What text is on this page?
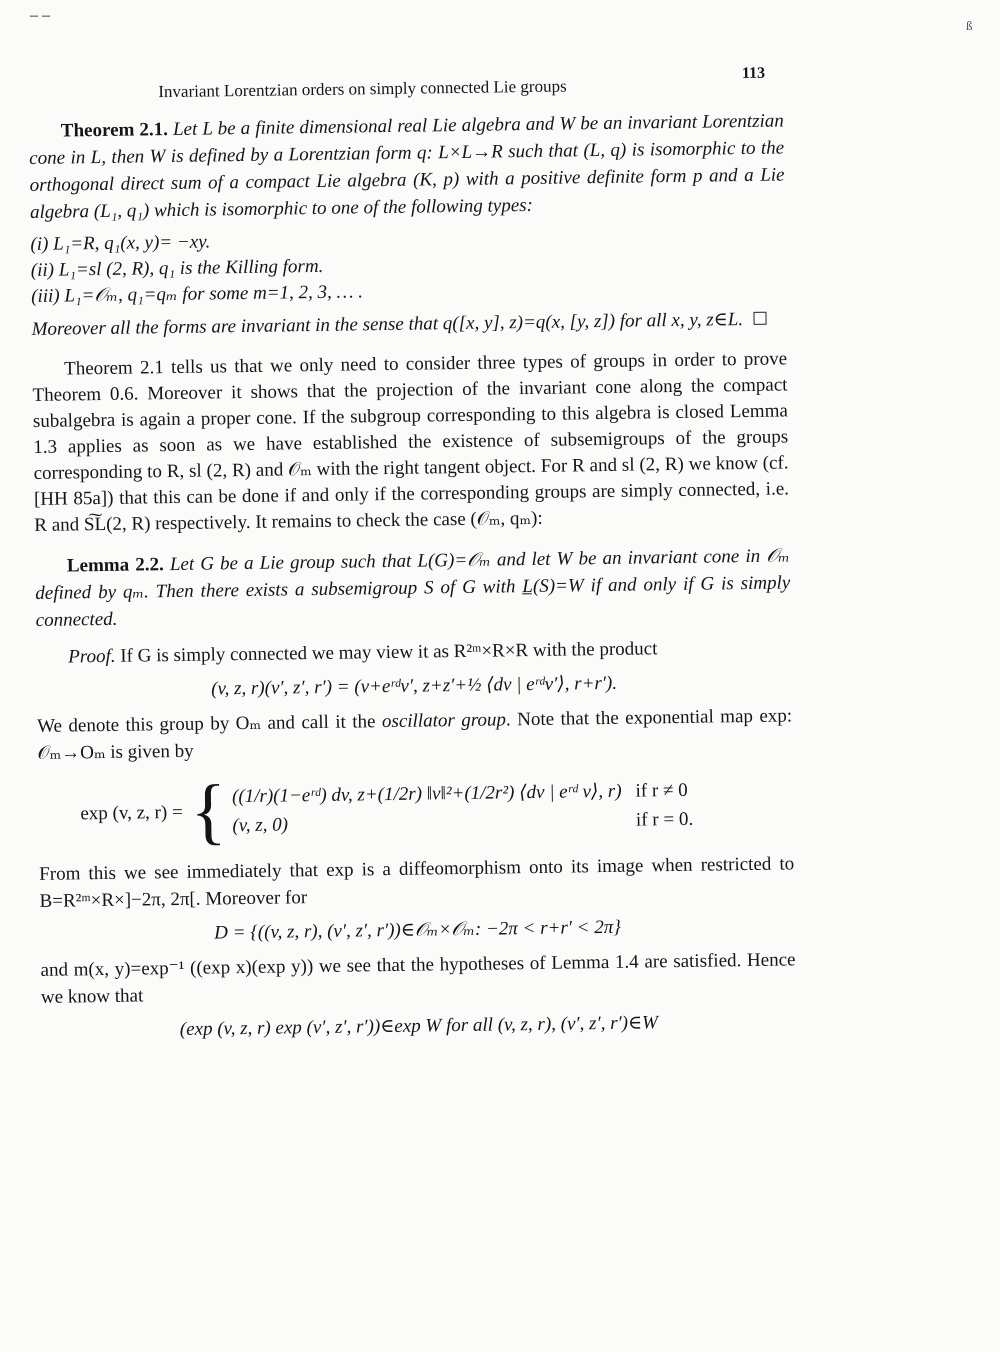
– –
ß
Invariant Lorentzian orders on simply connected Lie groups
113

Theorem 2.1. Let L be a finite dimensional real Lie algebra and W be an invariant Lorentzian cone in L, then W is defined by a Lorentzian form q: L×L→R such that (L, q) is isomorphic to the orthogonal direct sum of a compact Lie algebra (K, p) with a positive definite form p and a Lie algebra (L₁, q₁) which is isomorphic to one of the following types:

(i) L₁=R, q₁(x, y)= −xy.
(ii) L₁=sl (2, R), q₁ is the Killing form.
(iii) L₁=𝒪ₘ, q₁=qₘ for some m=1, 2, 3, … .

Moreover all the forms are invariant in the sense that q([x, y], z)=q(x, [y, z]) for all x, y, z∈L.

Theorem 2.1 tells us that we only need to consider three types of groups in order to prove Theorem 0.6. Moreover it shows that the projection of the invariant cone along the compact subalgebra is again a proper cone. If the subgroup corresponding to this algebra is closed Lemma 1.3 applies as soon as we have established the existence of subsemigroups of the groups corresponding to R, sl (2, R) and 𝒪ₘ with the right tangent object. For R and sl (2, R) we know (cf. [HH 85a]) that this can be done if and only if the corresponding groups are simply connected, i.e. R and S͠L(2, R) respectively. It remains to check the case (𝒪ₘ, qₘ):

Lemma 2.2. Let G be a Lie group such that L(G)=𝒪ₘ and let W be an invariant cone in 𝒪ₘ defined by qₘ. Then there exists a subsemigroup S of G with L̲(S)=W if and only if G is simply connected.

Proof. If G is simply connected we may view it as R²ᵐ×R×R with the product

(v, z, r)(v′, z′, r′) = (v+eʳᵈv′, z+z′+½ ⟨dv | eʳᵈv′⟩, r+r′).

We denote this group by Oₘ and call it the oscillator group. Note that the exponential map exp: 𝒪ₘ→Oₘ is given by

exp (v, z, r) = { ((1/r)(1−eʳᵈ) dv, z+(1/2r) ‖v‖²+(1/2r²) ⟨dv | eʳᵈ v⟩, r) if r ≠ 0
(v, z, 0)	if r = 0.

From this we see immediately that exp is a diffeomorphism onto its image when restricted to B=R²ᵐ×R×]−2π, 2π[. Moreover for

D = {((v, z, r), (v′, z′, r′))∈𝒪ₘ×𝒪ₘ: −2π < r+r′ < 2π}

and m(x, y)=exp⁻¹ ((exp x)(exp y)) we see that the hypotheses of Lemma 1.4 are satisfied. Hence we know that

(exp (v, z, r) exp (v′, z′, r′))∈exp W for all (v, z, r), (v′, z′, r′)∈W
